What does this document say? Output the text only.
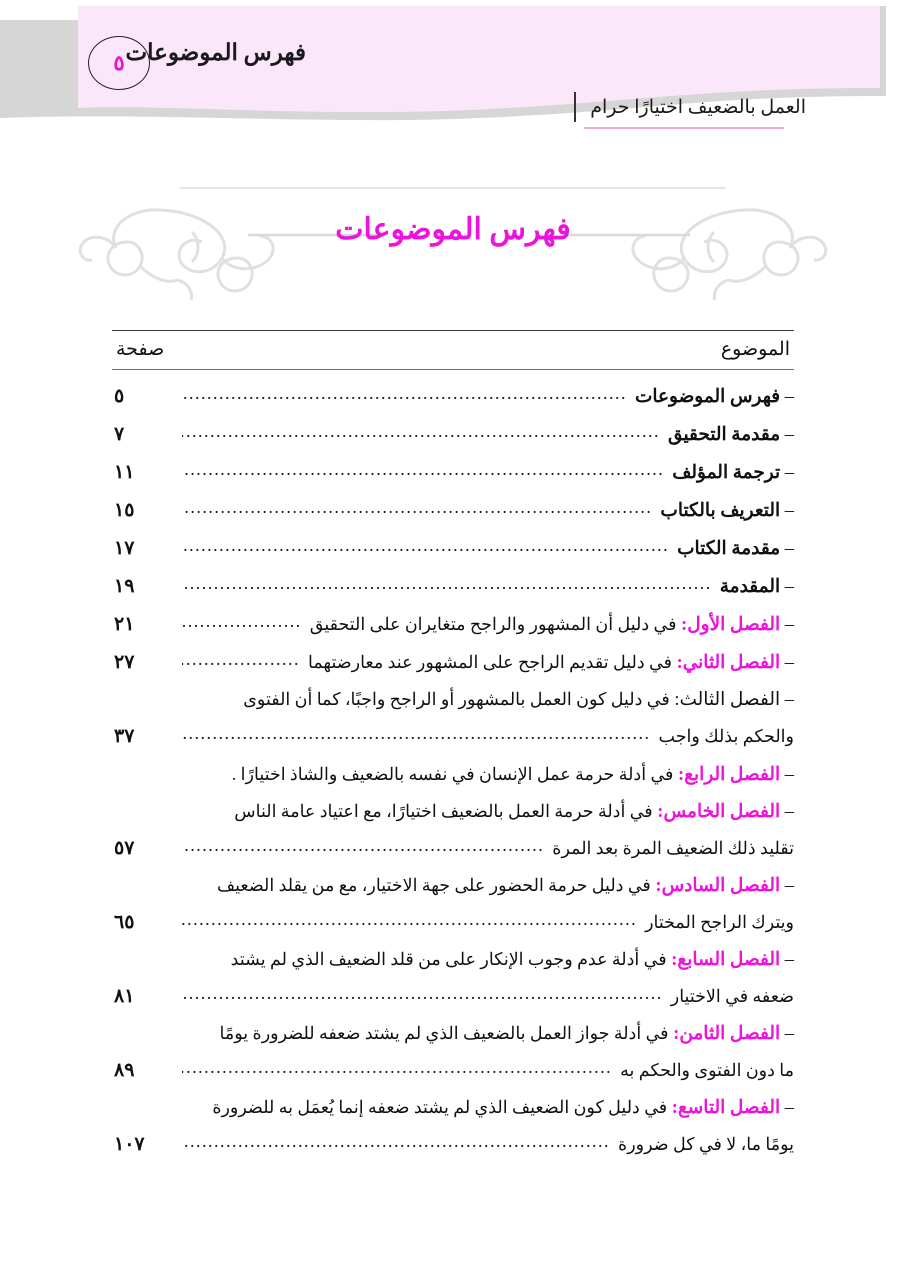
٥ فهرس الموضوعات
العمل بالضعيف اختيارًا حرام
فهرس الموضوعات
الموضوع
صفحة
– فهرس الموضوعات
.....
٥
– مقدمة التحقيق
.....
٧
– ترجمة المؤلف
.....
١١
– التعريف بالكتاب
.....
١٥
– مقدمة الكتاب
.....
١٧
– المقدمة
.....
١٩
– الفصل الأول: في دليل أن المشهور والراجح متغايران على التحقيق
.....
٢١
– الفصل الثاني: في دليل تقديم الراجح على المشهور عند معارضتهما
.....
٢٧
– الفصل الثالث: في دليل كون العمل بالمشهور أو الراجح واجبًا، كما أن الفتوى
والحكم بذلك واجب
.....
٣٧
– الفصل الرابع: في أدلة حرمة عمل الإنسان في نفسه بالضعيف والشاذ اختيارًا .
– الفصل الخامس: في أدلة حرمة العمل بالضعيف اختيارًا، مع اعتياد عامة الناس
تقليد ذلك الضعيف المرة بعد المرة
.....
٥٧
– الفصل السادس: في دليل حرمة الحضور على جهة الاختيار، مع من يقلد الضعيف
ويترك الراجح المختار
.....
٦٥
– الفصل السابع: في أدلة عدم وجوب الإنكار على من قلد الضعيف الذي لم يشتد
ضعفه في الاختيار
.....
٨١
– الفصل الثامن: في أدلة جواز العمل بالضعيف الذي لم يشتد ضعفه للضرورة يومًا
ما دون الفتوى والحكم به
.....
٨٩
– الفصل التاسع: في دليل كون الضعيف الذي لم يشتد ضعفه إنما يُعمَل به للضرورة
يومًا ما، لا في كل ضرورة
.....
١٠٧
